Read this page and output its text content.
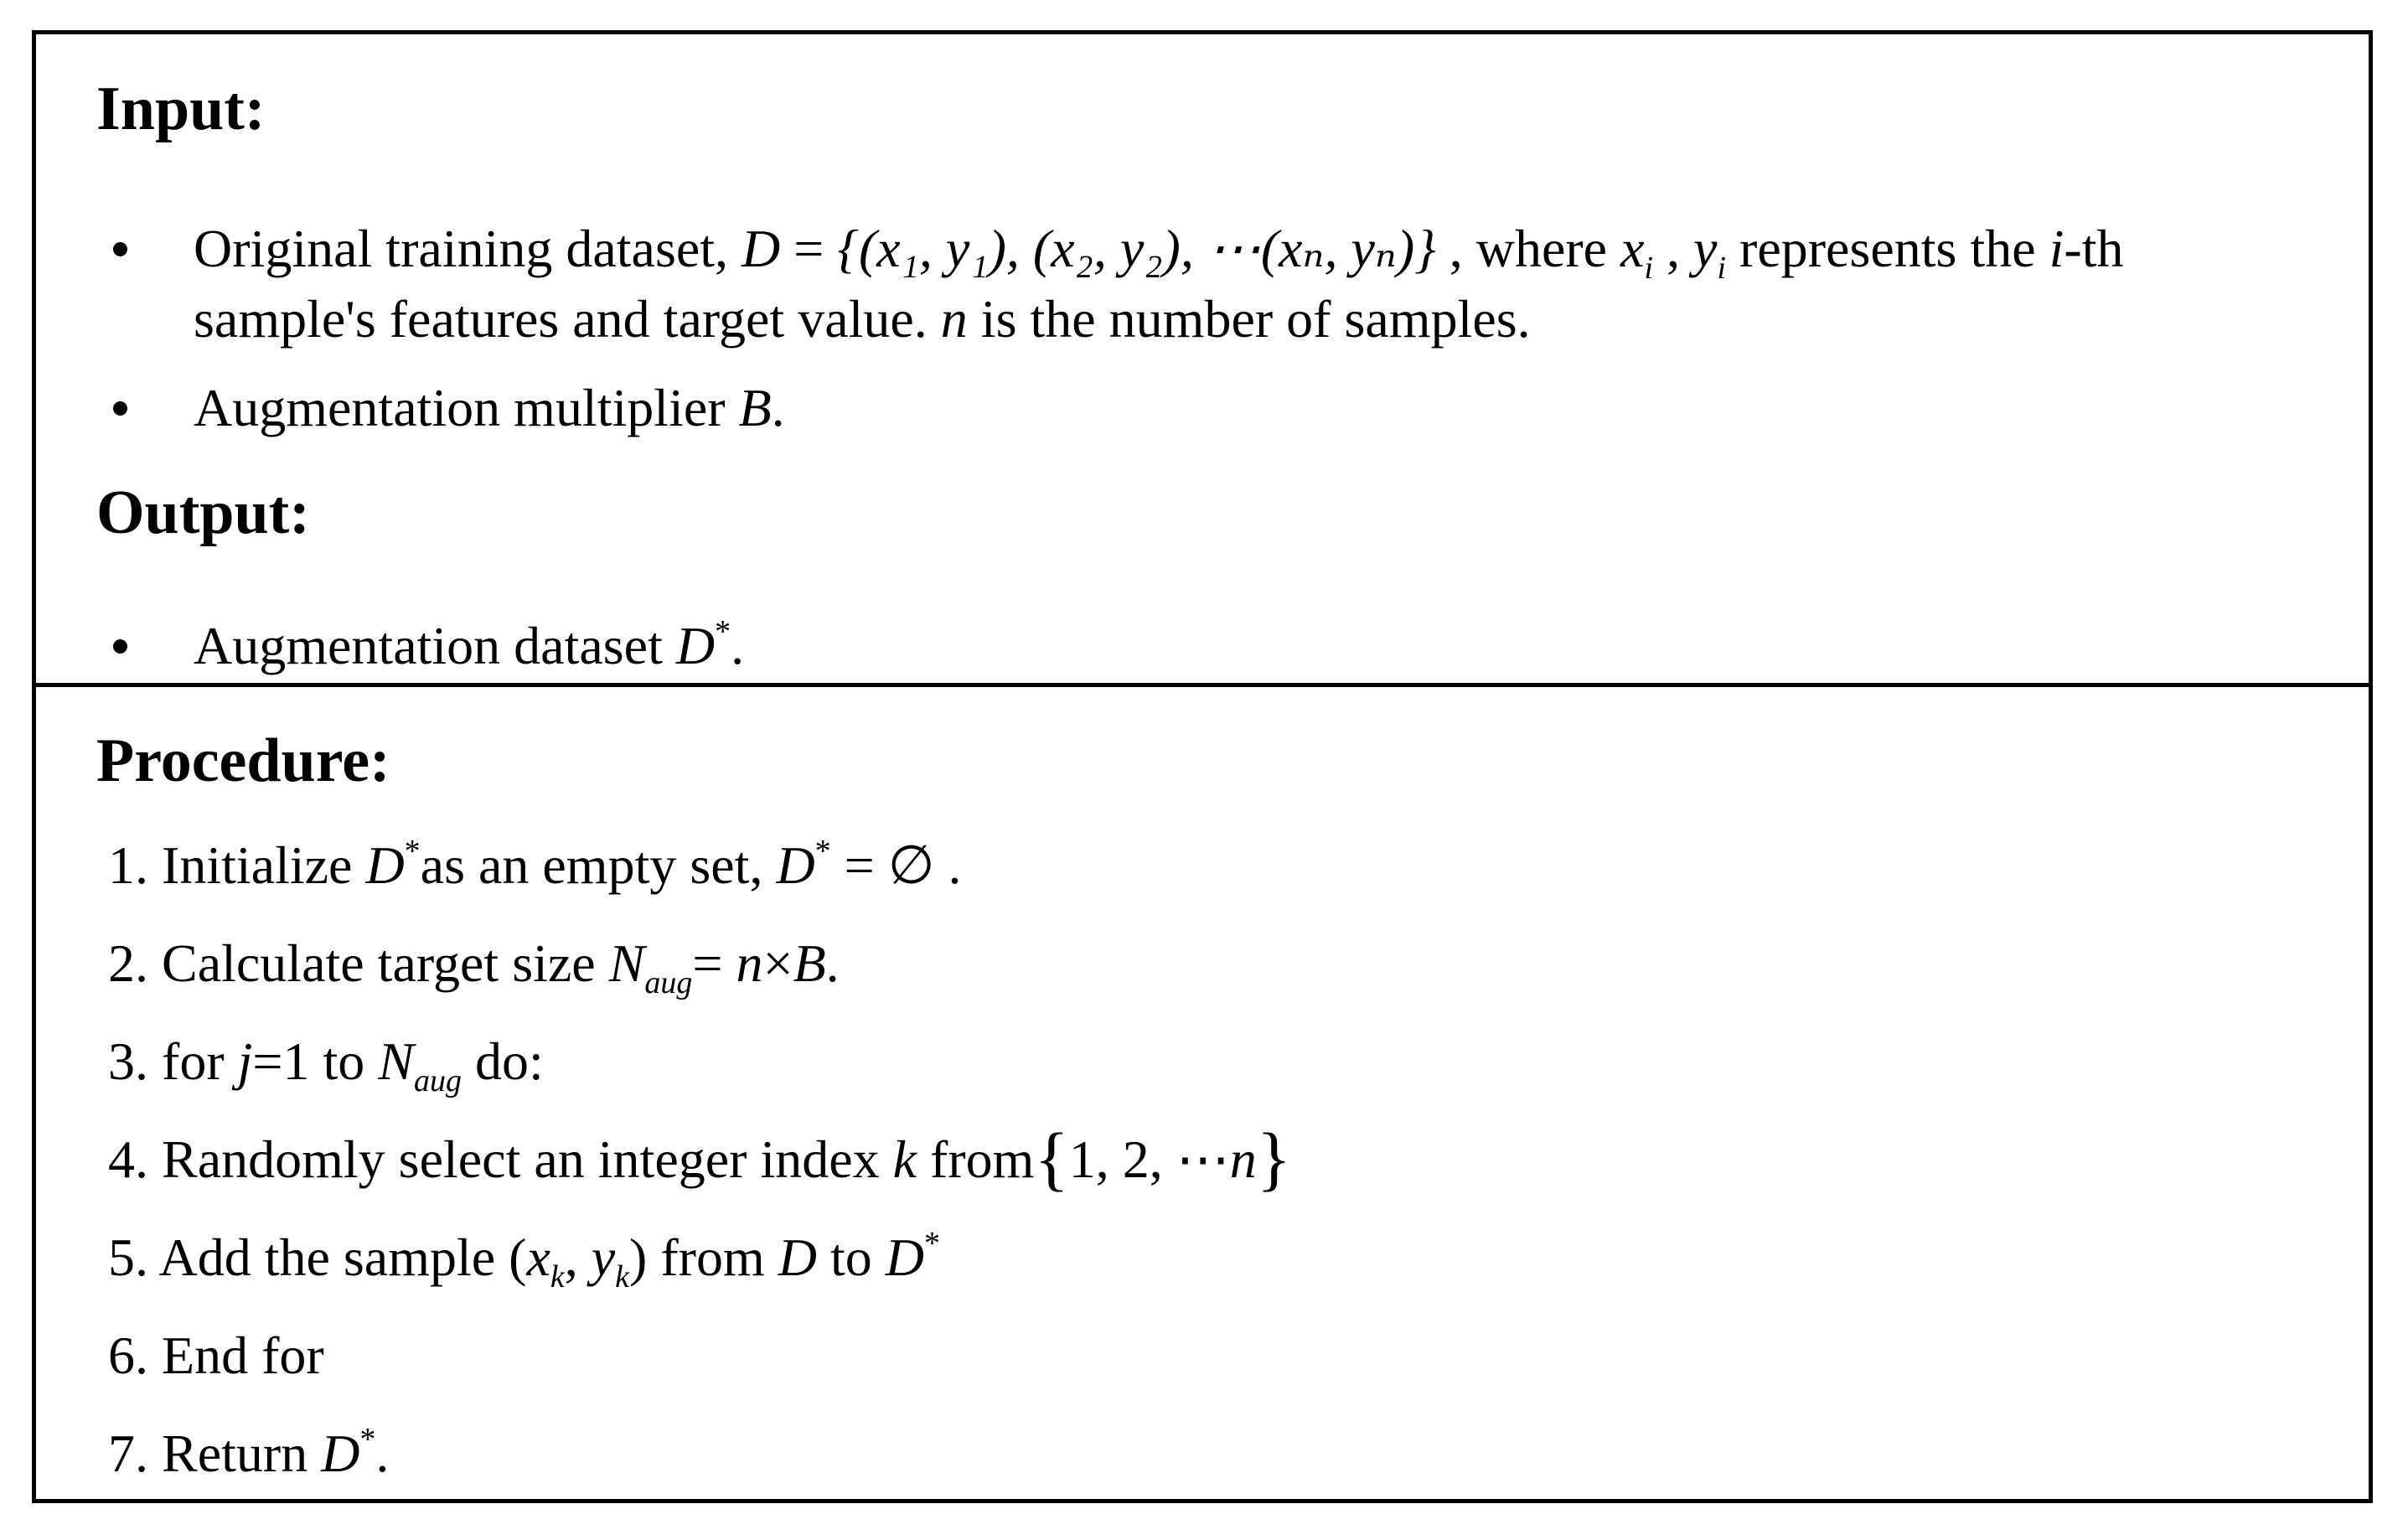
Input:
Original training dataset, D = {(x₁, y₁), (x₂, y₂), ⋯(xₙ, yₙ)} , where $x_i$ , $y_i$ represents the i-th
sample's features and target value. n is the number of samples.
Augmentation multiplier B.
Output:
Augmentation dataset D*.
Procedure:
1. Initialize D*as an empty set, D* = ∅ .
2. Calculate target size $N_{aug}= n\times B$.
3. for j=1 to $N_{aug}$ do:
4. Randomly select an integer index k from{1, 2, ⋯n}
5. Add the sample ($x_k$, $y_k$) from D to D*
6. End for
7. Return D*.
